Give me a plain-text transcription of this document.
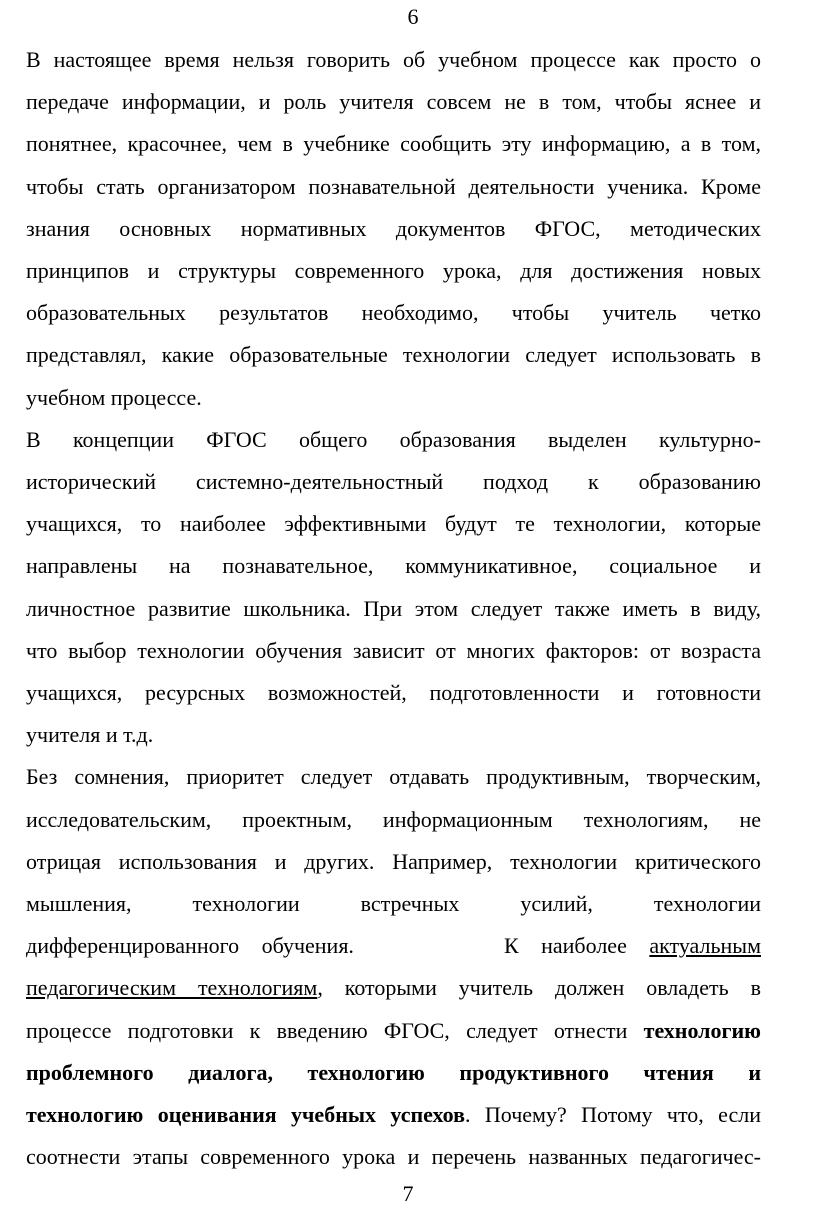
6

В настоящее время нельзя говорить об учебном процессе как просто о
передаче информации, и роль учителя совсем не в том, чтобы яснее и
понятнее, красочнее, чем в учебнике сообщить эту информацию, а в том,
чтобы стать организатором познавательной деятельности ученика. Кроме
знания основных нормативных документов ФГОС, методических
принципов и структуры современного урока, для достижения новых
образовательных результатов необходимо, чтобы учитель четко
представлял, какие образовательные технологии следует использовать в
учебном процессе.

В концепции ФГОС общего образования выделен культурно-
исторический системно-деятельностный подход к образованию
учащихся, то наиболее эффективными будут те технологии, которые
направлены на познавательное, коммуникативное, социальное и
личностное развитие школьника. При этом следует также иметь в виду,
что выбор технологии обучения зависит от многих факторов: от возраста
учащихся, ресурсных возможностей, подготовленности и готовности
учителя и т.д.

Без сомнения, приоритет следует отдавать продуктивным, творческим,
исследовательским, проектным, информационным технологиям, не
отрицая использования и других. Например, технологии критического
мышления, технологии встречных усилий, технологии
дифференцированного обучения.	К наиболее актуальным
педагогическим технологиям, которыми учитель должен овладеть в
процессе подготовки к введению ФГОС, следует отнести технологию
проблемного диалога, технологию продуктивного чтения и
технологию оценивания учебных успехов. Почему? Потому что, если
соотнести этапы современного урока и перечень названных педагогичес-

7
